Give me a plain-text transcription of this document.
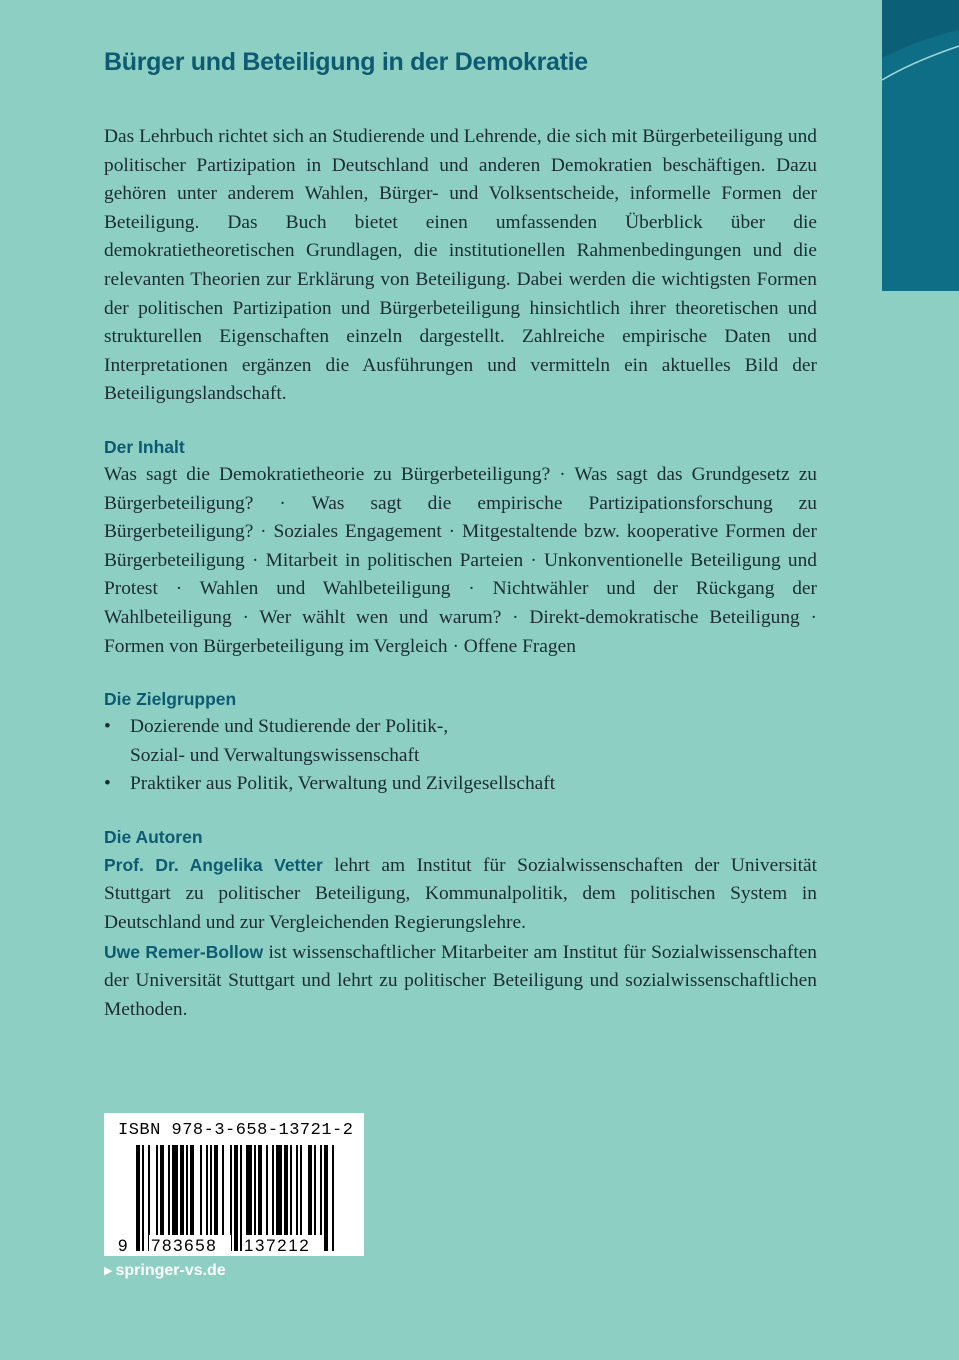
Bürger und Beteiligung in der Demokratie

Das Lehrbuch richtet sich an Studierende und Lehrende, die sich mit Bürgerbeteiligung und politischer Partizipation in Deutschland und anderen Demokratien beschäftigen. Dazu gehören unter anderem Wahlen, Bürger- und Volksentscheide, informelle Formen der Beteiligung. Das Buch bietet einen umfassenden Überblick über die demokratietheoretischen Grundlagen, die institutionellen Rahmenbedingungen und die relevanten Theorien zur Erklärung von Beteiligung. Dabei werden die wichtigsten Formen der politischen Partizipation und Bürgerbeteiligung hinsichtlich ihrer theoretischen und strukturellen Eigenschaften einzeln dargestellt. Zahlreiche empirische Daten und Interpretationen ergänzen die Ausführungen und vermitteln ein aktuelles Bild der Beteiligungslandschaft.

Der Inhalt

Was sagt die Demokratietheorie zu Bürgerbeteiligung? · Was sagt das Grundgesetz zu Bürgerbeteiligung? · Was sagt die empirische Partizipationsforschung zu Bürgerbeteiligung? · Soziales Engagement · Mitgestaltende bzw. kooperative Formen der Bürgerbeteiligung · Mitarbeit in politischen Parteien · Unkonventionelle Beteiligung und Protest · Wahlen und Wahlbeteiligung · Nichtwähler und der Rückgang der Wahlbeteiligung · Wer wählt wen und warum? · Direkt-demokratische Beteiligung · Formen von Bürgerbeteiligung im Vergleich · Offene Fragen

Die Zielgruppen
• Dozierende und Studierende der Politik-,
Sozial- und Verwaltungswissenschaft
• Praktiker aus Politik, Verwaltung und Zivilgesellschaft
Die Autoren

Prof. Dr. Angelika Vetter lehrt am Institut für Sozialwissenschaften der Universität Stuttgart zu politischer Beteiligung, Kommunalpolitik, dem politischen System in Deutschland und zur Vergleichenden Regierungslehre.
Uwe Remer-Bollow ist wissenschaftlicher Mitarbeiter am Institut für Sozialwissenschaften der Universität Stuttgart und lehrt zu politischer Beteiligung und sozialwissenschaftlichen Methoden.

ISBN 978-3-658-13721-2
9 783658 137212
▶ springer-vs.de
